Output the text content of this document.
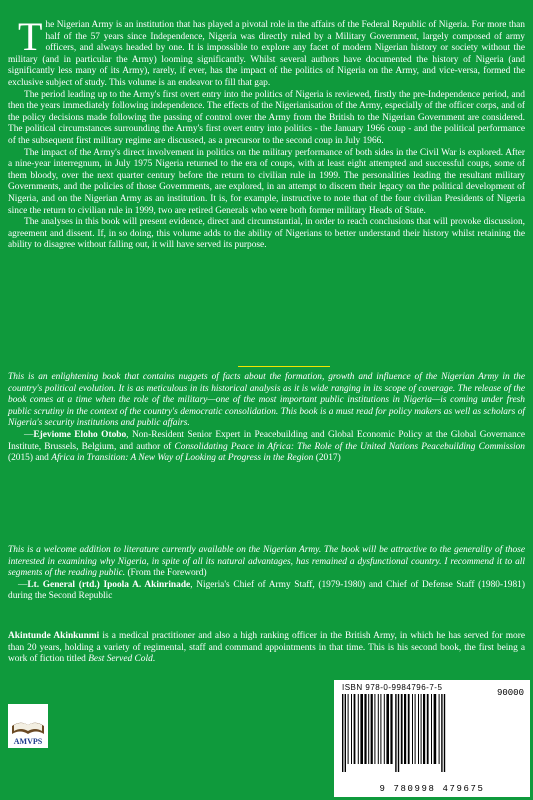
The Nigerian Army is an institution that has played a pivotal role in the affairs of the Federal Republic of Nigeria. For more than half of the 57 years since Independence, Nigeria was directly ruled by a Military Government, largely composed of army officers, and always headed by one. It is impossible to explore any facet of modern Nigerian history or society without the military (and in particular the Army) looming significantly. Whilst several authors have documented the history of Nigeria (and significantly less many of its Army), rarely, if ever, has the impact of the politics of Nigeria on the Army, and vice-versa, formed the exclusive subject of study. This volume is an endeavor to fill that gap.

The period leading up to the Army's first overt entry into the politics of Nigeria is reviewed, firstly the pre-Independence period, and then the years immediately following independence. The effects of the Nigerianisation of the Army, especially of the officer corps, and of the policy decisions made following the passing of control over the Army from the British to the Nigerian Government are considered. The political circumstances surrounding the Army's first overt entry into politics - the January 1966 coup - and the political performance of the subsequent first military regime are discussed, as a precursor to the second coup in July 1966.

The impact of the Army's direct involvement in politics on the military performance of both sides in the Civil War is explored. After a nine-year interregnum, in July 1975 Nigeria returned to the era of coups, with at least eight attempted and successful coups, some of them bloody, over the next quarter century before the return to civilian rule in 1999. The personalities leading the resultant military Governments, and the policies of those Governments, are explored, in an attempt to discern their legacy on the political development of Nigeria, and on the Nigerian Army as an institution. It is, for example, instructive to note that of the four civilian Presidents of Nigeria since the return to civilian rule in 1999, two are retired Generals who were both former military Heads of State.

The analyses in this book will present evidence, direct and circumstantial, in order to reach conclusions that will provoke discussion, agreement and dissent. If, in so doing, this volume adds to the ability of Nigerians to better understand their history whilst retaining the ability to disagree without falling out, it will have served its purpose.

This is an enlightening book that contains nuggets of facts about the formation, growth and influence of the Nigerian Army in the country's political evolution. It is as meticulous in its historical analysis as it is wide ranging in its scope of coverage. The release of the book comes at a time when the role of the military—one of the most important public institutions in Nigeria—is coming under fresh public scrutiny in the context of the country's democratic consolidation. This book is a must read for policy makers as well as scholars of Nigeria's security institutions and public affairs.
—Ejeviome Eloho Otobo, Non-Resident Senior Expert in Peacebuilding and Global Economic Policy at the Global Governance Institute, Brussels, Belgium, and author of Consolidating Peace in Africa: The Role of the United Nations Peacebuilding Commission (2015) and Africa in Transition: A New Way of Looking at Progress in the Region (2017)
This is a welcome addition to literature currently available on the Nigerian Army. The book will be attractive to the generality of those interested in examining why Nigeria, in spite of all its natural advantages, has remained a dysfunctional country. I recommend it to all segments of the reading public. (From the Foreword)
—Lt. General (rtd.) Ipoola A. Akinrinade, Nigeria's Chief of Army Staff, (1979-1980) and Chief of Defense Staff (1980-1981) during the Second Republic
Akintunde Akinkunmi is a medical practitioner and also a high ranking officer in the British Army, in which he has served for more than 20 years, holding a variety of regimental, staff and command appointments in that time. This is his second book, the first being a work of fiction titled Best Served Cold.
AMVPS
ISBN 978-0-9984796-7-5
90000
9 780998 479675
